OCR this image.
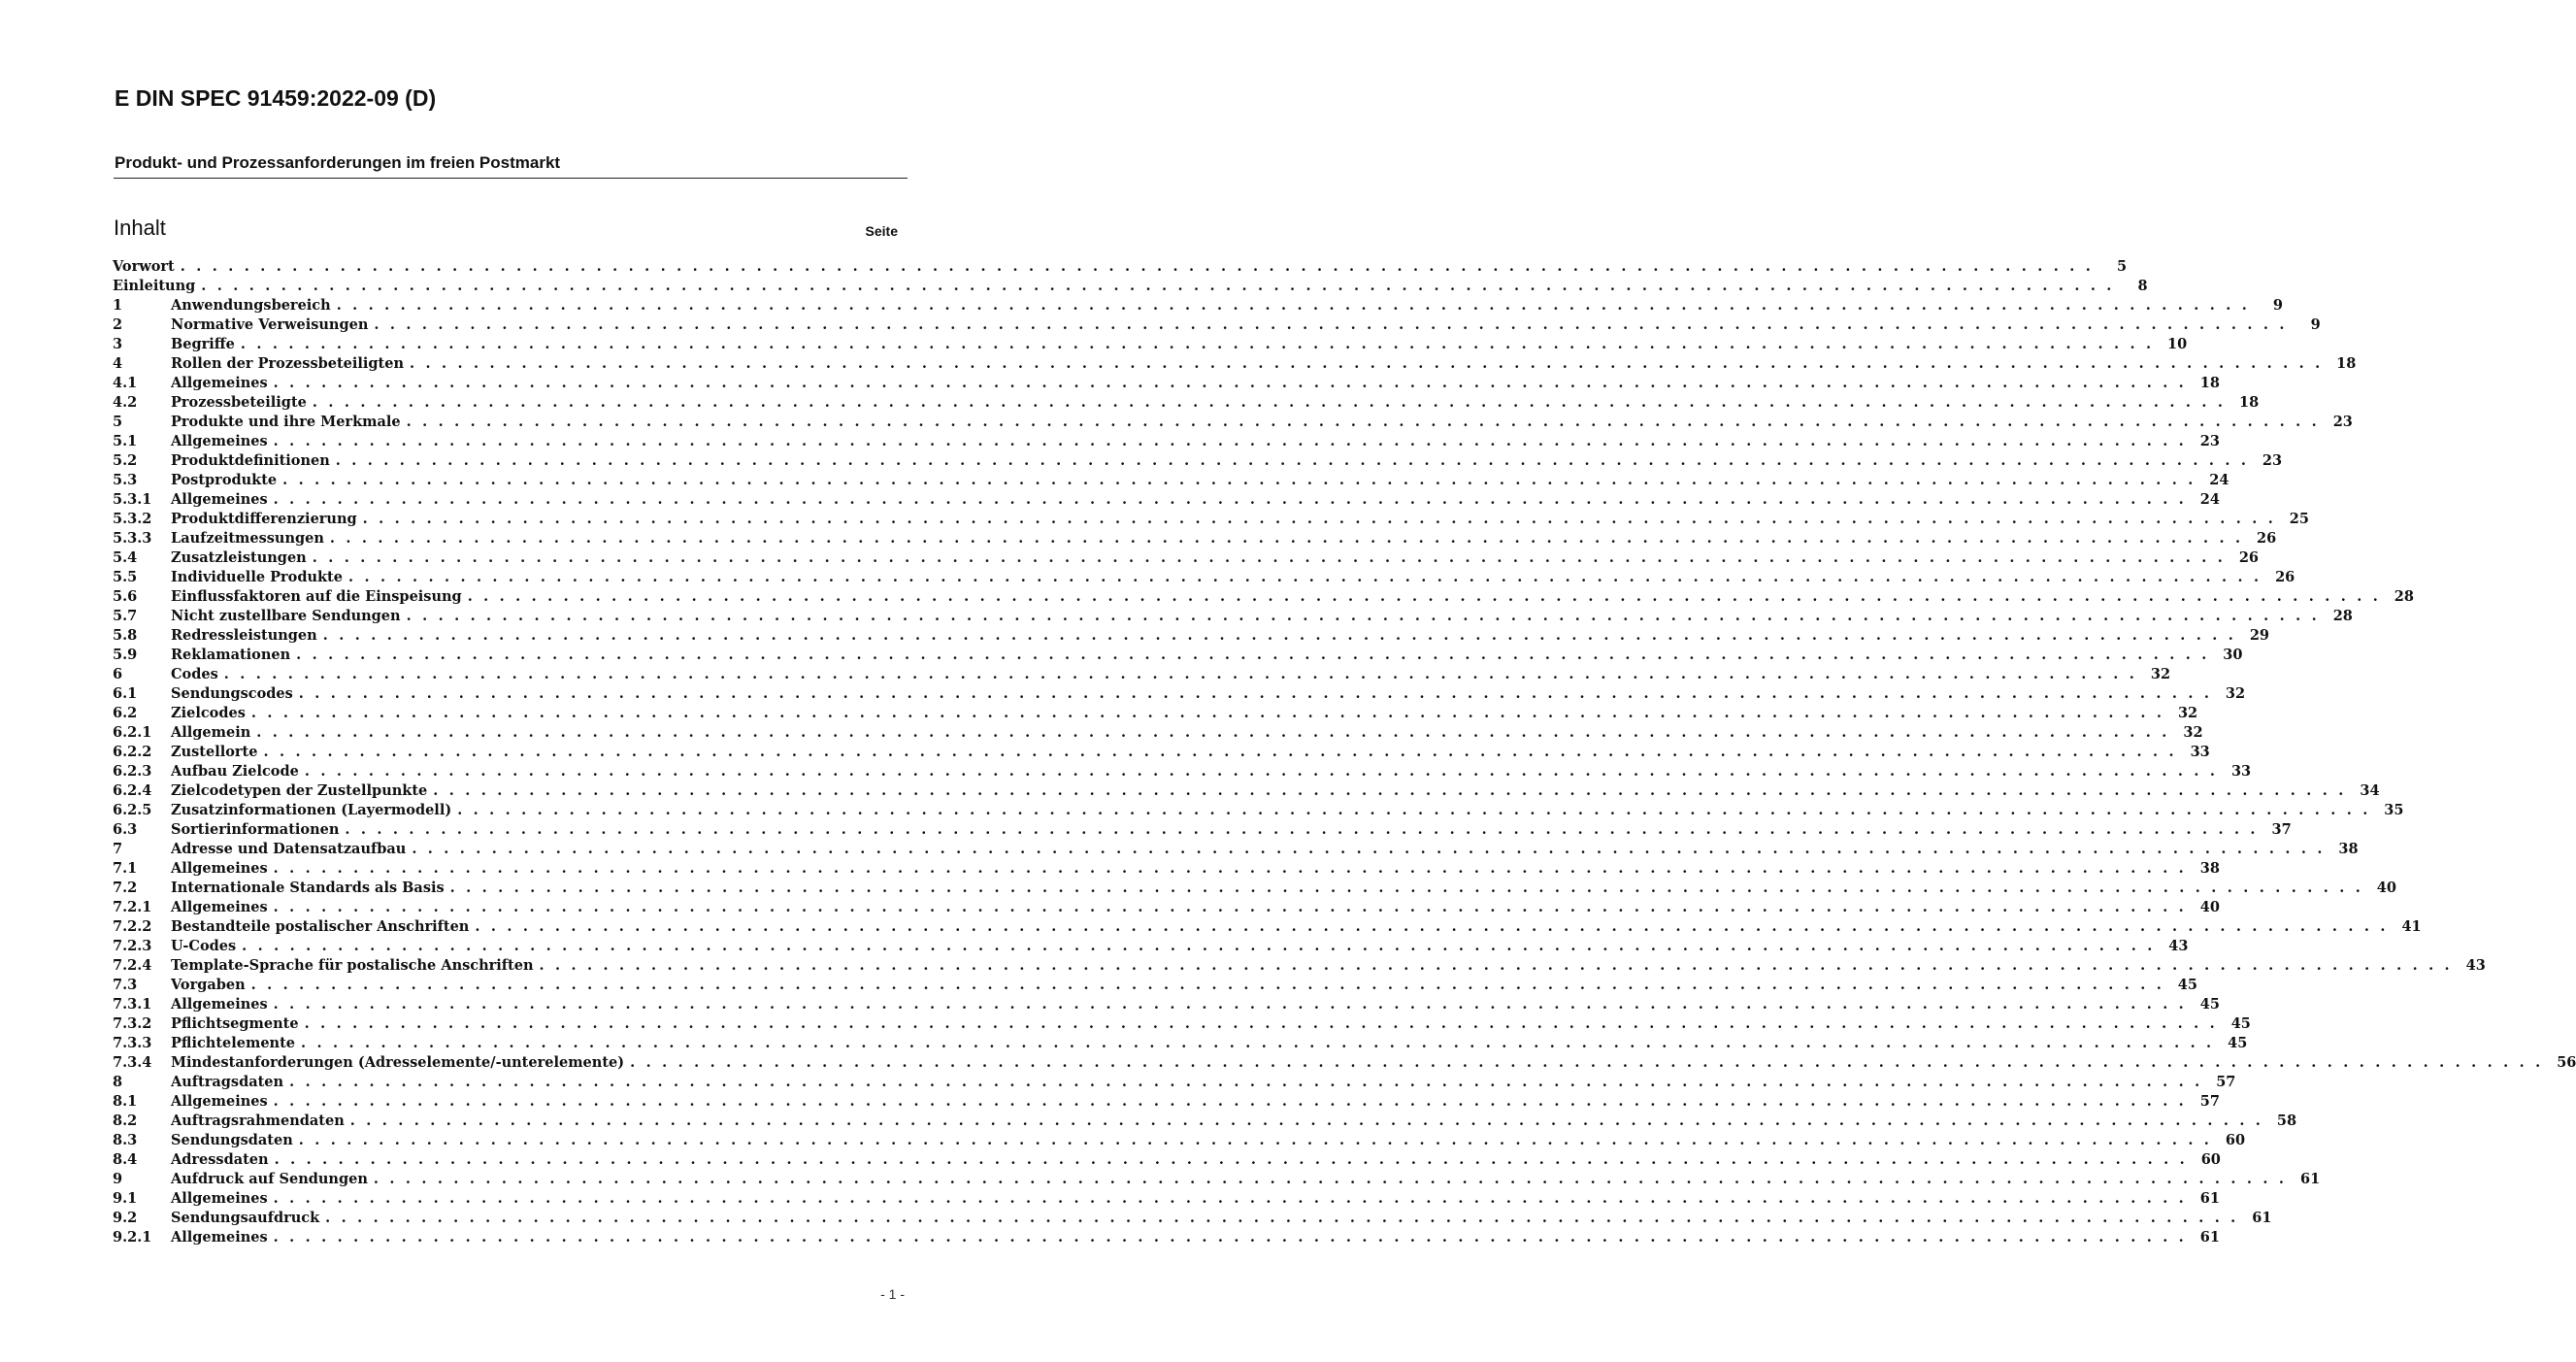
E DIN SPEC 91459:2022-09 (D)
Produkt- und Prozessanforderungen im freien Postmarkt
Inhalt	Seite
Vorwort . . . . . . . . . . . . . . . . . . . . . . . . . . . . . . . . . . . . . . . . . . . . . . . . . . . . . . . . . . . . . . . . . . . . . . . . . . . . . . . . . . . . . . . . . . . . . . . . . . . . . . . . . . . . . . . . . . . . . . . .	5
Einleitung . . . . . . . . . . . . . . . . . . . . . . . . . . . . . . . . . . . . . . . . . . . . . . . . . . . . . . . . . . . . . . . . . . . . . . . . . . . . . . . . . . . . . . . . . . . . . . . . . . . . . . . . . . . . . . . . . . . . . . . .	8
1	Anwendungsbereich . . . . . . . . . . . . . . . . . . . . . . . . . . . . . . . . . . . . . . . . . . . . . . . . . . . . . . . . . . . . . . . . . . . . . . . . . . . . . . . . . . . . . . . . . . . . . . . . . . . . . . . . . . . . . . . . . . . . . . . .	9
2	Normative Verweisungen . . . . . . . . . . . . . . . . . . . . . . . . . . . . . . . . . . . . . . . . . . . . . . . . . . . . . . . . . . . . . . . . . . . . . . . . . . . . . . . . . . . . . . . . . . . . . . . . . . . . . . . . . . . . . . . . . . . . . . . .	9
3	Begriffe . . . . . . . . . . . . . . . . . . . . . . . . . . . . . . . . . . . . . . . . . . . . . . . . . . . . . . . . . . . . . . . . . . . . . . . . . . . . . . . . . . . . . . . . . . . . . . . . . . . . . . . . . . . . . . . . . . . . . . . . 10
4	Rollen der Prozessbeteiligten . . . . . . . . . . . . . . . . . . . . . . . . . . . . . . . . . . . . . . . . . . . . . . . . . . . . . . . . . . . . . . . . . . . . . . . . . . . . . . . . . . . . . . . . . . . . . . . . . . . . . . . . . . . . . . . . . . . . . . . . 18
4.1	Allgemeines . . . . . . . . . . . . . . . . . . . . . . . . . . . . . . . . . . . . . . . . . . . . . . . . . . . . . . . . . . . . . . . . . . . . . . . . . . . . . . . . . . . . . . . . . . . . . . . . . . . . . . . . . . . . . . . . . . . . . . . . 18
4.2	Prozessbeteiligte . . . . . . . . . . . . . . . . . . . . . . . . . . . . . . . . . . . . . . . . . . . . . . . . . . . . . . . . . . . . . . . . . . . . . . . . . . . . . . . . . . . . . . . . . . . . . . . . . . . . . . . . . . . . . . . . . . . . . . . . 18
5	Produkte und ihre Merkmale . . . . . . . . . . . . . . . . . . . . . . . . . . . . . . . . . . . . . . . . . . . . . . . . . . . . . . . . . . . . . . . . . . . . . . . . . . . . . . . . . . . . . . . . . . . . . . . . . . . . . . . . . . . . . . . . . . . . . . . . 23
5.1	Allgemeines . . . . . . . . . . . . . . . . . . . . . . . . . . . . . . . . . . . . . . . . . . . . . . . . . . . . . . . . . . . . . . . . . . . . . . . . . . . . . . . . . . . . . . . . . . . . . . . . . . . . . . . . . . . . . . . . . . . . . . . . 23
5.2	Produktdefinitionen . . . . . . . . . . . . . . . . . . . . . . . . . . . . . . . . . . . . . . . . . . . . . . . . . . . . . . . . . . . . . . . . . . . . . . . . . . . . . . . . . . . . . . . . . . . . . . . . . . . . . . . . . . . . . . . . . . . . . . . . 23
5.3	Postprodukte . . . . . . . . . . . . . . . . . . . . . . . . . . . . . . . . . . . . . . . . . . . . . . . . . . . . . . . . . . . . . . . . . . . . . . . . . . . . . . . . . . . . . . . . . . . . . . . . . . . . . . . . . . . . . . . . . . . . . . . . 24
5.3.1	Allgemeines . . . . . . . . . . . . . . . . . . . . . . . . . . . . . . . . . . . . . . . . . . . . . . . . . . . . . . . . . . . . . . . . . . . . . . . . . . . . . . . . . . . . . . . . . . . . . . . . . . . . . . . . . . . . . . . . . . . . . . . . 24
5.3.2	Produktdifferenzierung . . . . . . . . . . . . . . . . . . . . . . . . . . . . . . . . . . . . . . . . . . . . . . . . . . . . . . . . . . . . . . . . . . . . . . . . . . . . . . . . . . . . . . . . . . . . . . . . . . . . . . . . . . . . . . . . . . . . . . . . 25
5.3.3	Laufzeitmessungen . . . . . . . . . . . . . . . . . . . . . . . . . . . . . . . . . . . . . . . . . . . . . . . . . . . . . . . . . . . . . . . . . . . . . . . . . . . . . . . . . . . . . . . . . . . . . . . . . . . . . . . . . . . . . . . . . . . . . . . . 26
5.4	Zusatzleistungen . . . . . . . . . . . . . . . . . . . . . . . . . . . . . . . . . . . . . . . . . . . . . . . . . . . . . . . . . . . . . . . . . . . . . . . . . . . . . . . . . . . . . . . . . . . . . . . . . . . . . . . . . . . . . . . . . . . . . . . . 26
5.5	Individuelle Produkte . . . . . . . . . . . . . . . . . . . . . . . . . . . . . . . . . . . . . . . . . . . . . . . . . . . . . . . . . . . . . . . . . . . . . . . . . . . . . . . . . . . . . . . . . . . . . . . . . . . . . . . . . . . . . . . . . . . . . . . . 26
5.6	Einflussfaktoren auf die Einspeisung . . . . . . . . . . . . . . . . . . . . . . . . . . . . . . . . . . . . . . . . . . . . . . . . . . . . . . . . . . . . . . . . . . . . . . . . . . . . . . . . . . . . . . . . . . . . . . . . . . . . . . . . . . . . . . . . . . . . . . . . 28
5.7	Nicht zustellbare Sendungen . . . . . . . . . . . . . . . . . . . . . . . . . . . . . . . . . . . . . . . . . . . . . . . . . . . . . . . . . . . . . . . . . . . . . . . . . . . . . . . . . . . . . . . . . . . . . . . . . . . . . . . . . . . . . . . . . . . . . . . . 28
5.8	Redressleistungen . . . . . . . . . . . . . . . . . . . . . . . . . . . . . . . . . . . . . . . . . . . . . . . . . . . . . . . . . . . . . . . . . . . . . . . . . . . . . . . . . . . . . . . . . . . . . . . . . . . . . . . . . . . . . . . . . . . . . . . . 29
5.9	Reklamationen . . . . . . . . . . . . . . . . . . . . . . . . . . . . . . . . . . . . . . . . . . . . . . . . . . . . . . . . . . . . . . . . . . . . . . . . . . . . . . . . . . . . . . . . . . . . . . . . . . . . . . . . . . . . . . . . . . . . . . . . 30
6	Codes . . . . . . . . . . . . . . . . . . . . . . . . . . . . . . . . . . . . . . . . . . . . . . . . . . . . . . . . . . . . . . . . . . . . . . . . . . . . . . . . . . . . . . . . . . . . . . . . . . . . . . . . . . . . . . . . . . . . . . . . 32
6.1	Sendungscodes . . . . . . . . . . . . . . . . . . . . . . . . . . . . . . . . . . . . . . . . . . . . . . . . . . . . . . . . . . . . . . . . . . . . . . . . . . . . . . . . . . . . . . . . . . . . . . . . . . . . . . . . . . . . . . . . . . . . . . . . 32
6.2	Zielcodes . . . . . . . . . . . . . . . . . . . . . . . . . . . . . . . . . . . . . . . . . . . . . . . . . . . . . . . . . . . . . . . . . . . . . . . . . . . . . . . . . . . . . . . . . . . . . . . . . . . . . . . . . . . . . . . . . . . . . . . . 32
6.2.1	Allgemein . . . . . . . . . . . . . . . . . . . . . . . . . . . . . . . . . . . . . . . . . . . . . . . . . . . . . . . . . . . . . . . . . . . . . . . . . . . . . . . . . . . . . . . . . . . . . . . . . . . . . . . . . . . . . . . . . . . . . . . . 32
6.2.2	Zustellorte . . . . . . . . . . . . . . . . . . . . . . . . . . . . . . . . . . . . . . . . . . . . . . . . . . . . . . . . . . . . . . . . . . . . . . . . . . . . . . . . . . . . . . . . . . . . . . . . . . . . . . . . . . . . . . . . . . . . . . . . 33
6.2.3	Aufbau Zielcode . . . . . . . . . . . . . . . . . . . . . . . . . . . . . . . . . . . . . . . . . . . . . . . . . . . . . . . . . . . . . . . . . . . . . . . . . . . . . . . . . . . . . . . . . . . . . . . . . . . . . . . . . . . . . . . . . . . . . . . . 33
6.2.4	Zielcodetypen der Zustellpunkte . . . . . . . . . . . . . . . . . . . . . . . . . . . . . . . . . . . . . . . . . . . . . . . . . . . . . . . . . . . . . . . . . . . . . . . . . . . . . . . . . . . . . . . . . . . . . . . . . . . . . . . . . . . . . . . . . . . . . . . . 34
6.2.5	Zusatzinformationen (Layermodell) . . . . . . . . . . . . . . . . . . . . . . . . . . . . . . . . . . . . . . . . . . . . . . . . . . . . . . . . . . . . . . . . . . . . . . . . . . . . . . . . . . . . . . . . . . . . . . . . . . . . . . . . . . . . . . . . . . . . . . . . 35
6.3	Sortierinformationen . . . . . . . . . . . . . . . . . . . . . . . . . . . . . . . . . . . . . . . . . . . . . . . . . . . . . . . . . . . . . . . . . . . . . . . . . . . . . . . . . . . . . . . . . . . . . . . . . . . . . . . . . . . . . . . . . . . . . . . . 37
7	Adresse und Datensatzaufbau . . . . . . . . . . . . . . . . . . . . . . . . . . . . . . . . . . . . . . . . . . . . . . . . . . . . . . . . . . . . . . . . . . . . . . . . . . . . . . . . . . . . . . . . . . . . . . . . . . . . . . . . . . . . . . . . . . . . . . . . 38
7.1	Allgemeines . . . . . . . . . . . . . . . . . . . . . . . . . . . . . . . . . . . . . . . . . . . . . . . . . . . . . . . . . . . . . . . . . . . . . . . . . . . . . . . . . . . . . . . . . . . . . . . . . . . . . . . . . . . . . . . . . . . . . . . . 38
7.2	Internationale Standards als Basis . . . . . . . . . . . . . . . . . . . . . . . . . . . . . . . . . . . . . . . . . . . . . . . . . . . . . . . . . . . . . . . . . . . . . . . . . . . . . . . . . . . . . . . . . . . . . . . . . . . . . . . . . . . . . . . . . . . . . . . . 40
7.2.1	Allgemeines . . . . . . . . . . . . . . . . . . . . . . . . . . . . . . . . . . . . . . . . . . . . . . . . . . . . . . . . . . . . . . . . . . . . . . . . . . . . . . . . . . . . . . . . . . . . . . . . . . . . . . . . . . . . . . . . . . . . . . . . 40
7.2.2	Bestandteile postalischer Anschriften . . . . . . . . . . . . . . . . . . . . . . . . . . . . . . . . . . . . . . . . . . . . . . . . . . . . . . . . . . . . . . . . . . . . . . . . . . . . . . . . . . . . . . . . . . . . . . . . . . . . . . . . . . . . . . . . . . . . . . . . 41
7.2.3	U-Codes . . . . . . . . . . . . . . . . . . . . . . . . . . . . . . . . . . . . . . . . . . . . . . . . . . . . . . . . . . . . . . . . . . . . . . . . . . . . . . . . . . . . . . . . . . . . . . . . . . . . . . . . . . . . . . . . . . . . . . . . 43
7.2.4	Template-Sprache für postalische Anschriften . . . . . . . . . . . . . . . . . . . . . . . . . . . . . . . . . . . . . . . . . . . . . . . . . . . . . . . . . . . . . . . . . . . . . . . . . . . . . . . . . . . . . . . . . . . . . . . . . . . . . . . . . . . . . . . . . . . . . . . . 43
7.3	Vorgaben . . . . . . . . . . . . . . . . . . . . . . . . . . . . . . . . . . . . . . . . . . . . . . . . . . . . . . . . . . . . . . . . . . . . . . . . . . . . . . . . . . . . . . . . . . . . . . . . . . . . . . . . . . . . . . . . . . . . . . . . 45
7.3.1	Allgemeines . . . . . . . . . . . . . . . . . . . . . . . . . . . . . . . . . . . . . . . . . . . . . . . . . . . . . . . . . . . . . . . . . . . . . . . . . . . . . . . . . . . . . . . . . . . . . . . . . . . . . . . . . . . . . . . . . . . . . . . . 45
7.3.2	Pflichtsegmente . . . . . . . . . . . . . . . . . . . . . . . . . . . . . . . . . . . . . . . . . . . . . . . . . . . . . . . . . . . . . . . . . . . . . . . . . . . . . . . . . . . . . . . . . . . . . . . . . . . . . . . . . . . . . . . . . . . . . . . . 45
7.3.3	Pflichtelemente . . . . . . . . . . . . . . . . . . . . . . . . . . . . . . . . . . . . . . . . . . . . . . . . . . . . . . . . . . . . . . . . . . . . . . . . . . . . . . . . . . . . . . . . . . . . . . . . . . . . . . . . . . . . . . . . . . . . . . . . 45
7.3.4	Mindestanforderungen (Adresselemente/-unterelemente) . . . . . . . . . . . . . . . . . . . . . . . . . . . . . . . . . . . . . . . . . . . . . . . . . . . . . . . . . . . . . . . . . . . . . . . . . . . . . . . . . . . . . . . . . . . . . . . . . . . . . . . . . . . . . . . . . . . . . . . . 56
8	Auftragsdaten . . . . . . . . . . . . . . . . . . . . . . . . . . . . . . . . . . . . . . . . . . . . . . . . . . . . . . . . . . . . . . . . . . . . . . . . . . . . . . . . . . . . . . . . . . . . . . . . . . . . . . . . . . . . . . . . . . . . . . . . 57
8.1	Allgemeines . . . . . . . . . . . . . . . . . . . . . . . . . . . . . . . . . . . . . . . . . . . . . . . . . . . . . . . . . . . . . . . . . . . . . . . . . . . . . . . . . . . . . . . . . . . . . . . . . . . . . . . . . . . . . . . . . . . . . . . . 57
8.2	Auftragsrahmendaten . . . . . . . . . . . . . . . . . . . . . . . . . . . . . . . . . . . . . . . . . . . . . . . . . . . . . . . . . . . . . . . . . . . . . . . . . . . . . . . . . . . . . . . . . . . . . . . . . . . . . . . . . . . . . . . . . . . . . . . . 58
8.3	Sendungsdaten . . . . . . . . . . . . . . . . . . . . . . . . . . . . . . . . . . . . . . . . . . . . . . . . . . . . . . . . . . . . . . . . . . . . . . . . . . . . . . . . . . . . . . . . . . . . . . . . . . . . . . . . . . . . . . . . . . . . . . . . 60
8.4	Adressdaten . . . . . . . . . . . . . . . . . . . . . . . . . . . . . . . . . . . . . . . . . . . . . . . . . . . . . . . . . . . . . . . . . . . . . . . . . . . . . . . . . . . . . . . . . . . . . . . . . . . . . . . . . . . . . . . . . . . . . . . . 60
9	Aufdruck auf Sendungen . . . . . . . . . . . . . . . . . . . . . . . . . . . . . . . . . . . . . . . . . . . . . . . . . . . . . . . . . . . . . . . . . . . . . . . . . . . . . . . . . . . . . . . . . . . . . . . . . . . . . . . . . . . . . . . . . . . . . . . . 61
9.1	Allgemeines . . . . . . . . . . . . . . . . . . . . . . . . . . . . . . . . . . . . . . . . . . . . . . . . . . . . . . . . . . . . . . . . . . . . . . . . . . . . . . . . . . . . . . . . . . . . . . . . . . . . . . . . . . . . . . . . . . . . . . . . 61
9.2	Sendungsaufdruck . . . . . . . . . . . . . . . . . . . . . . . . . . . . . . . . . . . . . . . . . . . . . . . . . . . . . . . . . . . . . . . . . . . . . . . . . . . . . . . . . . . . . . . . . . . . . . . . . . . . . . . . . . . . . . . . . . . . . . . . 61
9.2.1	Allgemeines . . . . . . . . . . . . . . . . . . . . . . . . . . . . . . . . . . . . . . . . . . . . . . . . . . . . . . . . . . . . . . . . . . . . . . . . . . . . . . . . . . . . . . . . . . . . . . . . . . . . . . . . . . . . . . . . . . . . . . . . 61
- 1 -
